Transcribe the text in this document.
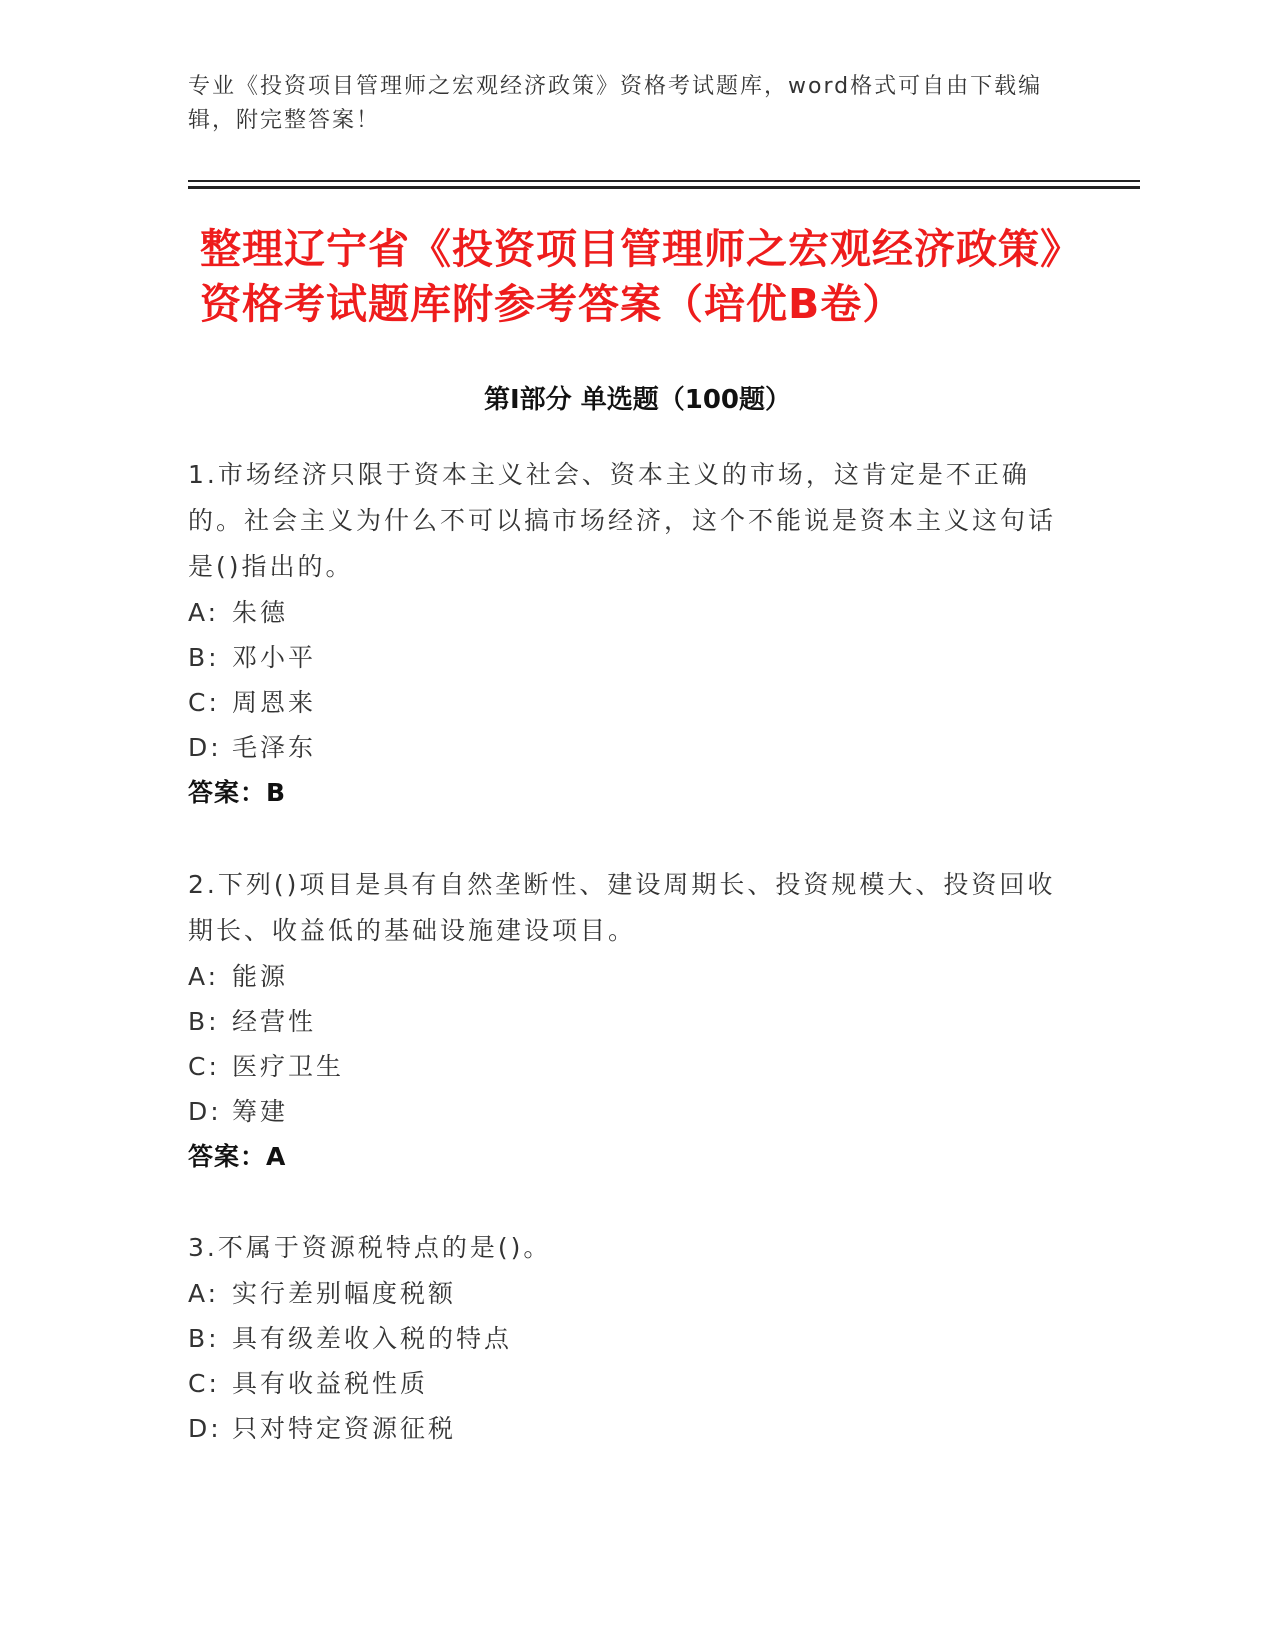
专业《投资项目管理师之宏观经济政策》资格考试题库，word格式可自由下载编辑，附完整答案！
整理辽宁省《投资项目管理师之宏观经济政策》资格考试题库附参考答案（培优B卷）
第I部分 单选题（100题）
1.市场经济只限于资本主义社会、资本主义的市场，这肯定是不正确的。社会主义为什么不可以搞市场经济，这个不能说是资本主义这句话是()指出的。
A: 朱德
B: 邓小平
C: 周恩来
D: 毛泽东
答案：B
2.下列()项目是具有自然垄断性、建设周期长、投资规模大、投资回收期长、收益低的基础设施建设项目。
A: 能源
B: 经营性
C: 医疗卫生
D: 筹建
答案：A
3.不属于资源税特点的是()。
A: 实行差别幅度税额
B: 具有级差收入税的特点
C: 具有收益税性质
D: 只对特定资源征税
